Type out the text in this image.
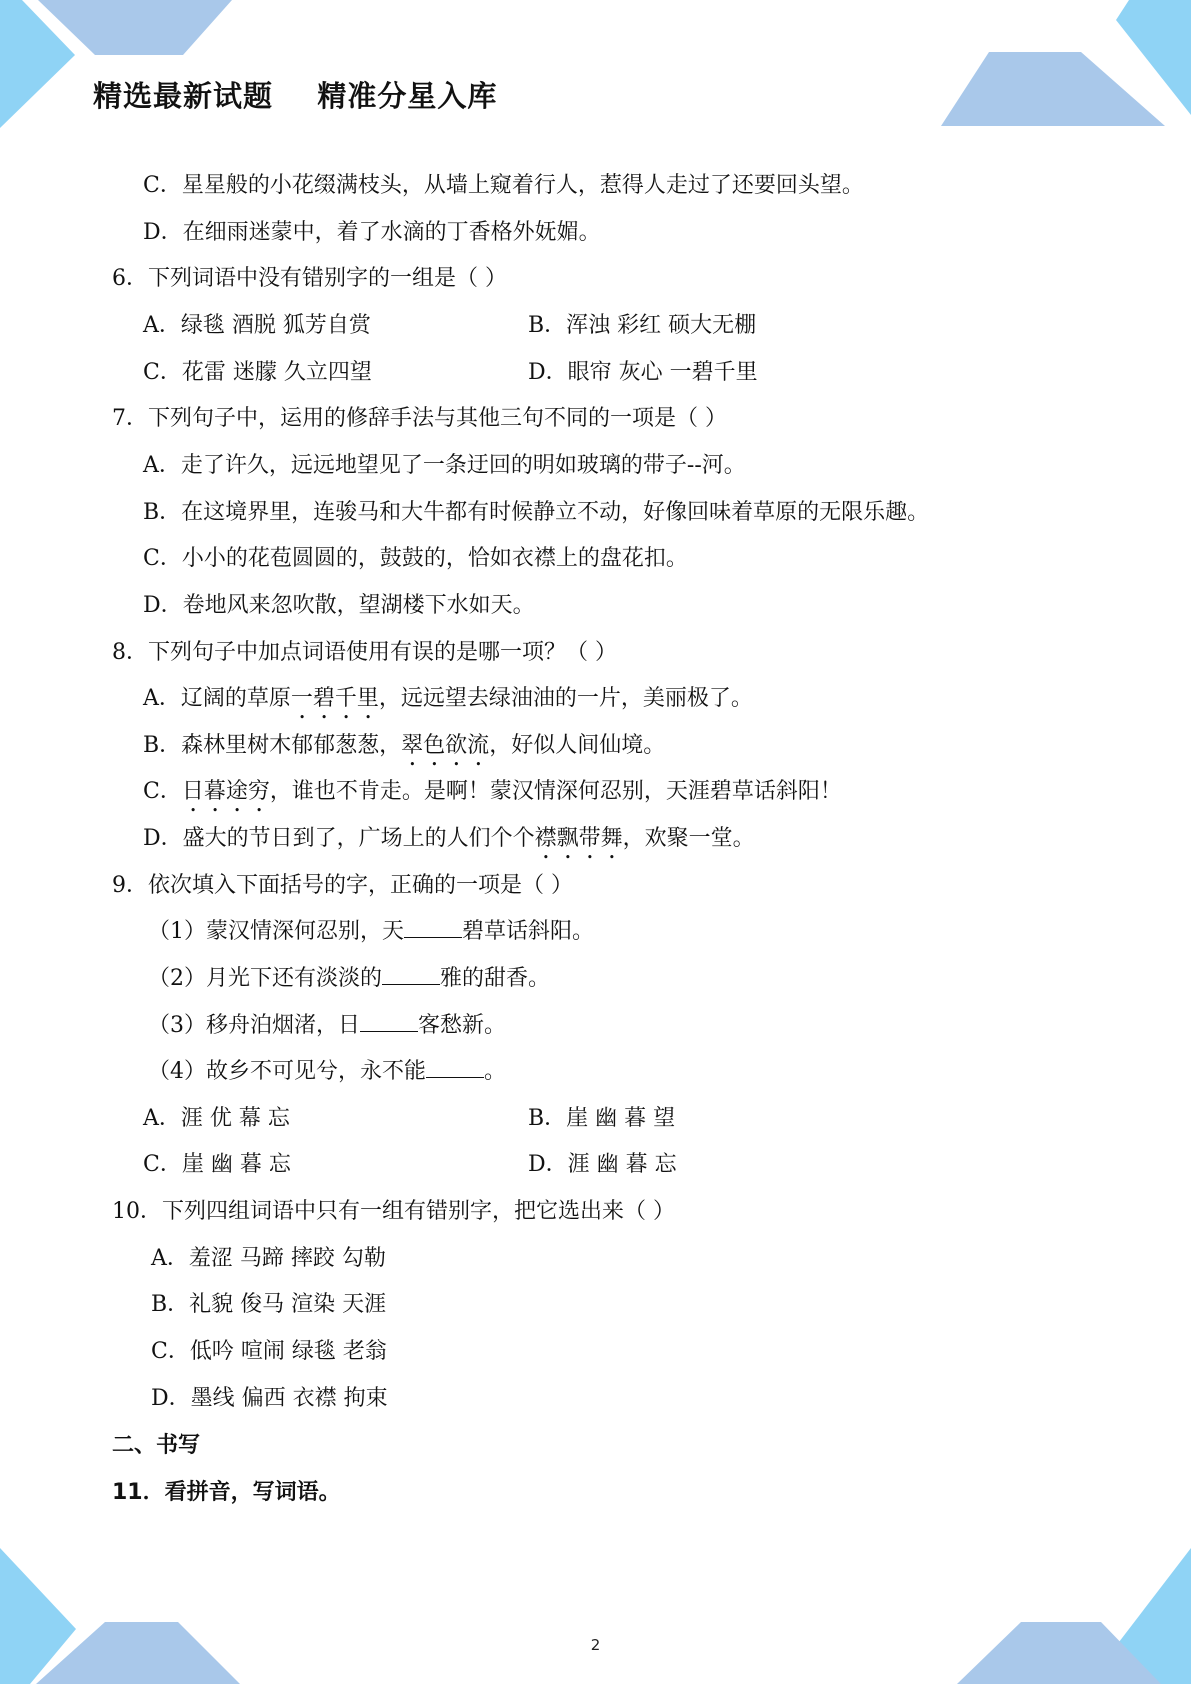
精选最新试题    精准分星入库
C．星星般的小花缀满枝头，从墙上窥着行人，惹得人走过了还要回头望。
D．在细雨迷蒙中，着了水滴的丁香格外妩媚。
6．下列词语中没有错别字的一组是（ ）
A．绿毯 酒脱 狐芳自赏	B．浑浊 彩红 硕大无棚
C．花雷 迷朦 久立四望	D．眼帘 灰心 一碧千里
7．下列句子中，运用的修辞手法与其他三句不同的一项是（ ）
A．走了许久，远远地望见了一条迂回的明如玻璃的带子--河。
B．在这境界里，连骏马和大牛都有时候静立不动，好像回味着草原的无限乐趣。
C．小小的花苞圆圆的，鼓鼓的，恰如衣襟上的盘花扣。
D．卷地风来忽吹散，望湖楼下水如天。
8．下列句子中加点词语使用有误的是哪一项？（ ）
A．辽阔的草原一碧千里，远远望去绿油油的一片，美丽极了。
B．森林里树木郁郁葱葱，翠色欲流，好似人间仙境。
C．日暮途穷，谁也不肯走。是啊！蒙汉情深何忍别，天涯碧草话斜阳！
D．盛大的节日到了，广场上的人们个个襟飘带舞，欢聚一堂。
9．依次填入下面括号的字，正确的一项是（ ）
（1）蒙汉情深何忍别，天	碧草话斜阳。
（2）月光下还有淡淡的	雅的甜香。
（3）移舟泊烟渚，日	客愁新。
（4）故乡不可见兮，永不能	。
A．涯 优 幕 忘	B．崖 幽 暮 望
C．崖 幽 暮 忘	D．涯 幽 暮 忘
10．下列四组词语中只有一组有错别字，把它选出来（ ）
A．羞涩 马蹄 摔跤 勾勒
B．礼貌 俊马 渲染 天涯
C．低吟 喧闹 绿毯 老翁
D．墨线 偏西 衣襟 拘束
二、书写
11．看拼音，写词语。
2
